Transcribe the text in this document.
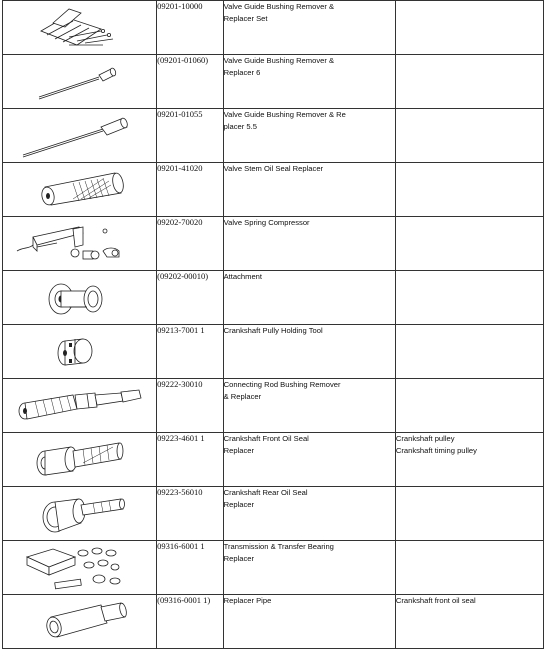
	09201-10000	Valve Guide Bushing Remover &
Replacer Set	

	(09201-01060)	Valve Guide Bushing Remover &
Replacer 6	

	09201-01055	Valve Guide Bushing Remover & Re
placer 5.5	

	09201-41020	Valve Stem Oil Seal Replacer	

	09202-70020	Valve Spring Compressor	

	(09202-00010)	Attachment	

	09213-7001 1	Crankshaft Pully Holding Tool	

	09222-30010	Connecting Rod Bushing Remover
& Replacer	

	09223-4601 1	Crankshaft Front Oil Seal
Replacer	Crankshaft pulley
Crankshaft timing pulley

	09223-56010	Crankshaft Rear Oil Seal
Replacer	

	09316-6001 1	Transmission & Transfer Bearing
Replacer	

	(09316-0001 1)	Replacer Pipe	Crankshaft front oil seal
